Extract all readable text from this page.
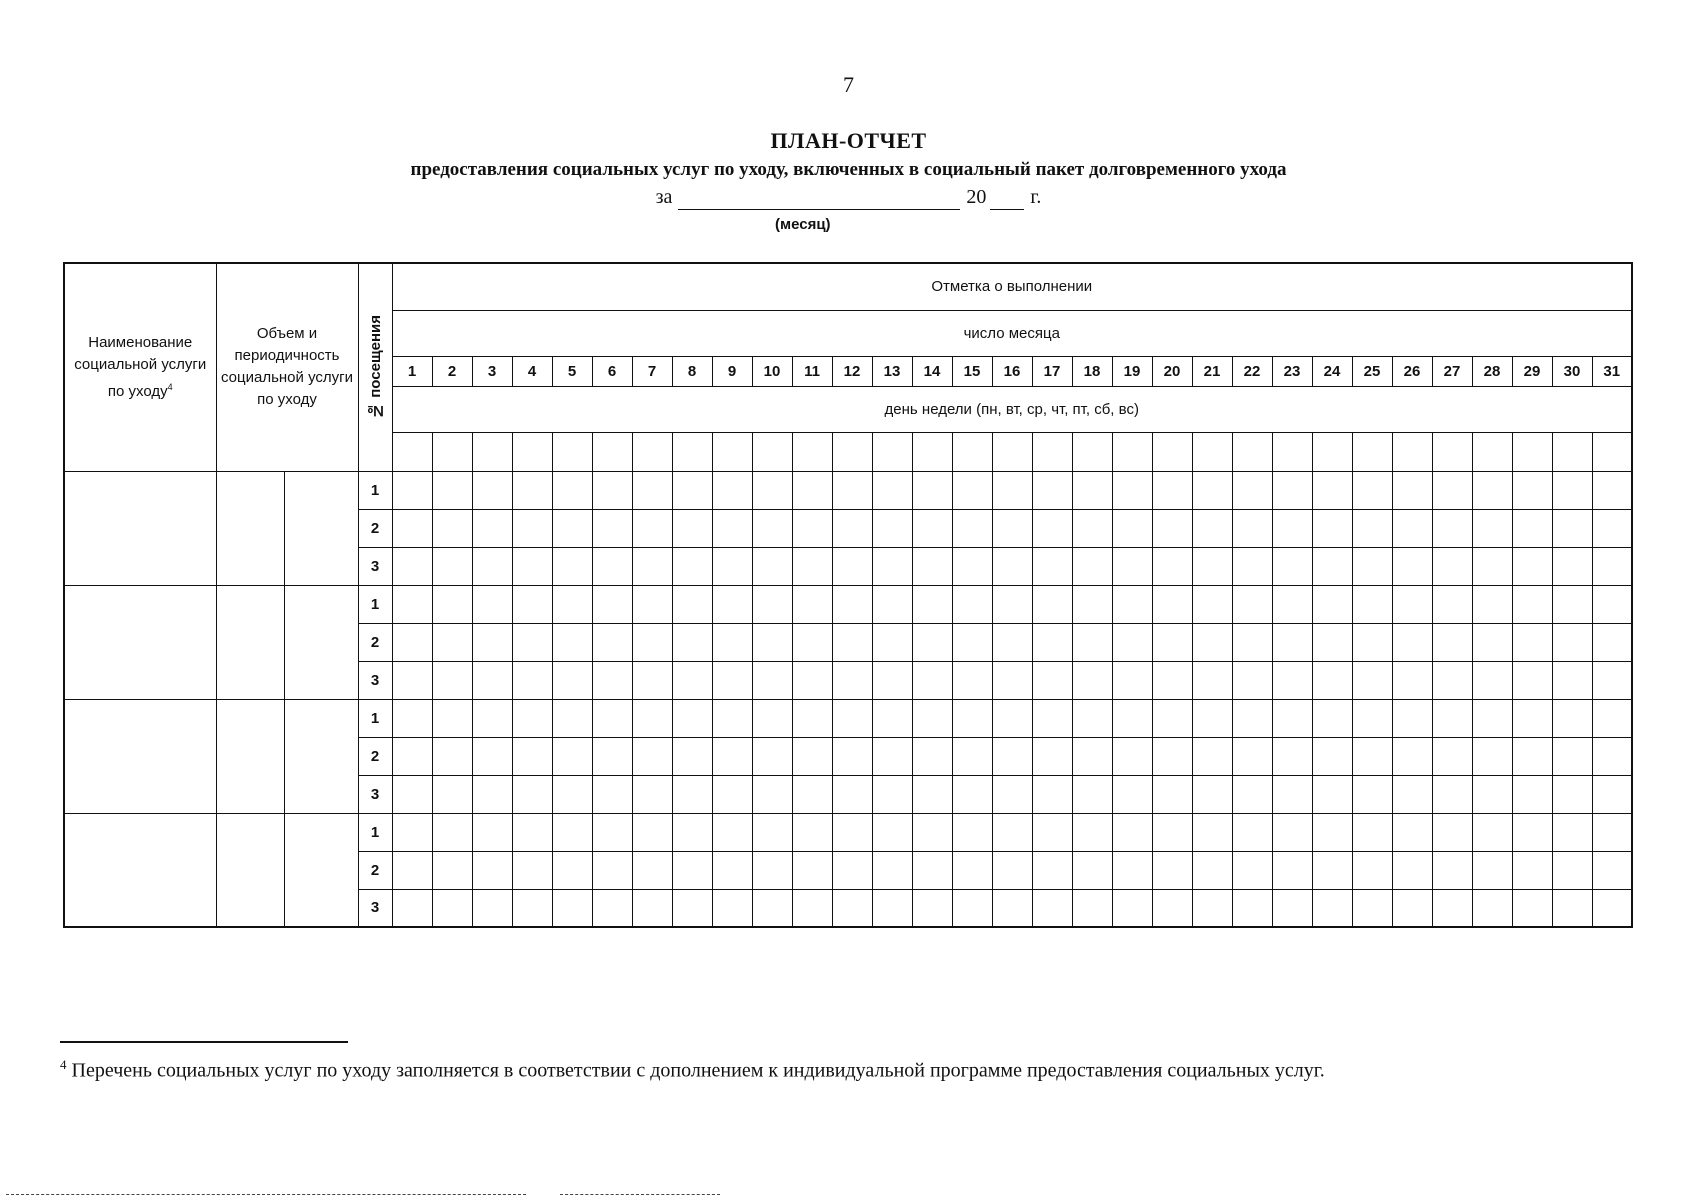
7
ПЛАН-ОТЧЕТ
предоставления социальных услуг по уходу, включенных в социальный пакет долговременного ухода
за	20 г.
(месяц)
Наименование социальной услуги по уходу$^4$	Объем и периодичность социальной услуги по уходу		№ посещения	Отметка о выполнении																														
				число месяца																														
				1	2	3	4	5	6	7	8	9	10	11	12	13	14	15	16	17	18	19	20	21	22	23	24	25	26	27	28	29	30	31
				день недели (пн, вт, ср, чт, пт, сб, вс)																														

			1																															
			2																															
			3																															
			1																															
			2																															
			3																															
			1																															
			2																															
			3																															
			1																															
			2																															
			3																															
$^4$ Перечень социальных услуг по уходу заполняется в соответствии с дополнением к индивидуальной программе предоставления социальных услуг.
